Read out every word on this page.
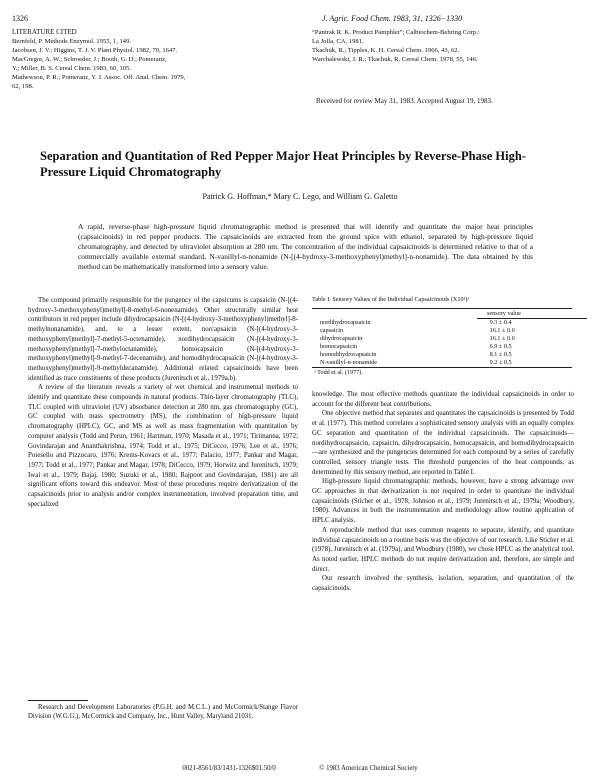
1326	J. Agric. Food Chem. 1983, 31, 1326−1330
LITERATURE CITED
Bernfeld, P. Methods Enzymol. 1955, 1, 149.
Jacobsen, J. V.; Higgins, T. J. V. Plant Physiol. 1982, 70, 1647.
MacGregor, A. W.; Schroeder, J.; Booth, G. D.; Pomeranz,
Y.; Miller, B. S. Cereal Chem. 1983, 60, 105.
Mathewson, P. R.; Pomeranz, Y. J. Assoc. Off. Anal. Chem. 1979,
62, 198.
“Pantrak R. K. Product Pamphlet”; Calbiochem-Behring Corp.:
La Jolla, CA, 1981.
Tkachuk, R.; Tipples, K. H. Cereal Chem. 1966, 43, 62.
Warchalewski, J. R.; Tkachuk, R. Cereal Chem. 1978, 55, 146.
Received for review May 31, 1983. Accepted August 19, 1983.
Separation and Quantitation of Red Pepper Major Heat Principles by Reverse-Phase High-Pressure Liquid Chromatography
Patrick G. Hoffman,* Mary C. Lego, and William G. Galetto
A rapid, reverse-phase high-pressure liquid chromatographic method is presented that will identify and quantitate the major heat principles (capsaicinoids) in red pepper products. The capsaicinoids are extracted from the ground spice with ethanol, separated by high-pressure liquid chromatography, and detected by ultraviolet absorption at 280 nm. The concentration of the individual capsaicinoids is determined relative to that of a commercially available external standard, N-vanillyl-n-nonamide (N-[(4-hydroxy-3-methoxyphenyl)methyl]-n-nonamide). The data obtained by this method can be mathematically transformed into a sensory value.

The compound primarily responsible for the pungency of the capsicums is capsaicin (N-[(4-hydroxy-3-methoxyphenyl)methyl]-8-methyl-6-nonenamide). Other structurally similar heat contributors in red pepper include dihydrocapsaicin (N-[(4-hydroxy-3-methoxyphenyl)methyl]-8-methylnonanamide), and, to a lesser extent, norcapsaicin (N-[(4-hydroxy-3-methoxyphenyl)methyl]-7-methyl-5-octenamide), nordihydrocapsaicin (N-[(4-hydroxy-3-methoxyphenyl)methyl]-7-methyloctanamide), homocapsaicin (N-[(4-hydroxy-3-methoxyphenyl)methyl]-9-methyl-7-decenamide), and homodihydrocapsaicin (N-[(4-hydroxy-3-methoxyphenyl)methyl]-9-methyldecanamide). Additional related capsaicinoids have been identified as trace constituents of these products (Jurenitsch et al., 1979a,b).

A review of the literature reveals a variety of wet chemical and instrumental methods to identify and quantitate these compounds in natural products. Thin-layer chromatography (TLC), TLC coupled with ultraviolet (UV) absorbance detection at 280 nm, gas chromatography (GC), GC coupled with mass spectrometry (MS), the combination of high-pressure liquid chromatography (HPLC), GC, and MS as well as mass fragmentation with quantitation by computer analysis (Todd and Perun, 1961; Hartman, 1970; Masada et al., 1971; Tirimanna, 1972; Govindarajan and Ananthakrishna, 1974; Todd et al., 1975; DiCecco, 1976; Lee et al., 1976; Poiesello and Pizzocaro, 1976; Krems-Kovacs et al., 1977; Palacio, 1977; Pankar and Magar, 1977; Todd et al., 1977; Pankar and Magar, 1978; DiCecco, 1979; Horwitz and Jurenitsch, 1979; Iwai et al., 1979; Bajaj, 1980; Suzuki et al., 1980; Rajpoot and Govindarajan, 1981) are all significant efforts toward this endeavor. Most of these procedures require derivatization of the capsaicinoids prior to analysis and/or complex instrumentation, involved preparation time, and specialized

Research and Development Laboratories (P.G.H. and M.C.L.) and McCormick/Stange Flavor Division (W.G.G.), McCormick and Company, Inc., Hunt Valley, Maryland 21031.
Table I. Sensory Values of the Individual Capsaicinoids (X10³)ᵃ
sensory value
nordihydrocapsaicin	9.3 ± 0.4
capsaicin	16.1 ± 0.6
dihydrocapsaicin	16.1 ± 0.6
homocapsaicin	6.9 ± 0.5
homodihydrocapsaicin	8.1 ± 0.5
N-vanillyl-n-nonamide	9.2 ± 0.5
ᵃ Todd et al. (1977).

knowledge. The most effective methods quantitate the individual capsaicinoids in order to account for the different heat contributions.

One objective method that separates and quantitates the capsaicinoids is presented by Todd et al. (1977). This method correlates a sophisticated sensory analysis with an equally complex GC separation and quantitation of the individual capsaicinoids. The capsaicinoids—nordihydrocapsaicin, capsaicin, dihydrocapsaicin, homocapsaicin, and homodihydrocapsaicin—are synthesized and the pungencies determined for each compound by a series of carefully controlled, sensory triangle tests. The threshold pungencies of the heat compounds, as determined by this sensory method, are reported in Table I.

High-pressure liquid chromatographic methods, however, have a strong advantage over GC approaches in that derivatization is not required in order to quantitate the individual capsaicinoids (Sticher et al., 1978; Johnson et al., 1979; Jurenitsch et al., 1979a; Woodbury, 1980). Advances in both the instrumentation and methodology allow routine application of HPLC analysis.

A reproducible method that uses common reagents to separate, identify, and quantitate individual capsaicinoids on a routine basis was the objective of our research. Like Sticher et al. (1978), Jurenitsch et al. (1979a), and Woodbury (1980), we chose HPLC as the analytical tool. As noted earlier, HPLC methods do not require derivatization and, therefore, are simple and direct.

Our research involved the synthesis, isolation, separation, and quantitation of the capsaicinoids.

0021-8561/83/1431-1326$01.50/0	© 1983 American Chemical Society
